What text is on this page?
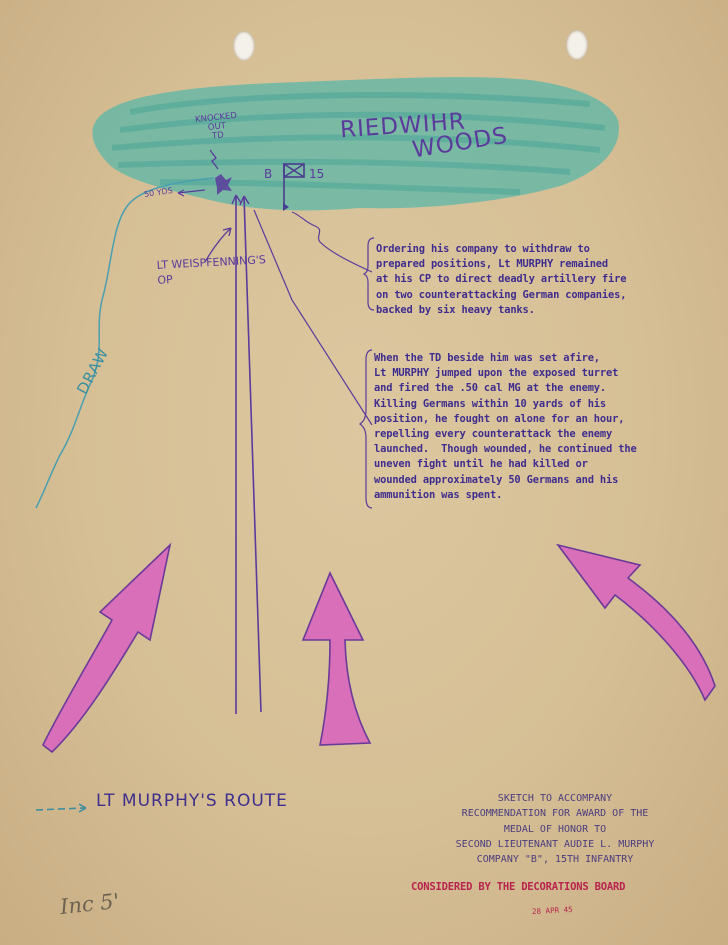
RIEDWIHR
WOODS
KNOCKED
OUT
TD
50 YDS
B	15
LT WEISPFENNING'S
OP
DRAW
Ordering his company to withdraw to
prepared positions, Lt MURPHY remained
at his CP to direct deadly artillery fire
on two counterattacking German companies,
backed by six heavy tanks.
When the TD beside him was set afire,
Lt MURPHY jumped upon the exposed turret
and fired the .50 cal MG at the enemy.
Killing Germans within 10 yards of his
position, he fought on alone for an hour,
repelling every counterattack the enemy
launched.  Though wounded, he continued the
uneven fight until he had killed or
wounded approximately 50 Germans and his
ammunition was spent.
LT MURPHY'S ROUTE	SKETCH TO ACCOMPANY
RECOMMENDATION FOR AWARD OF THE
MEDAL OF HONOR TO
SECOND LIEUTENANT AUDIE L. MURPHY
COMPANY "B", 15TH INFANTRY
CONSIDERED BY THE DECORATIONS BOARD
28 APR 45
Inc 5'
